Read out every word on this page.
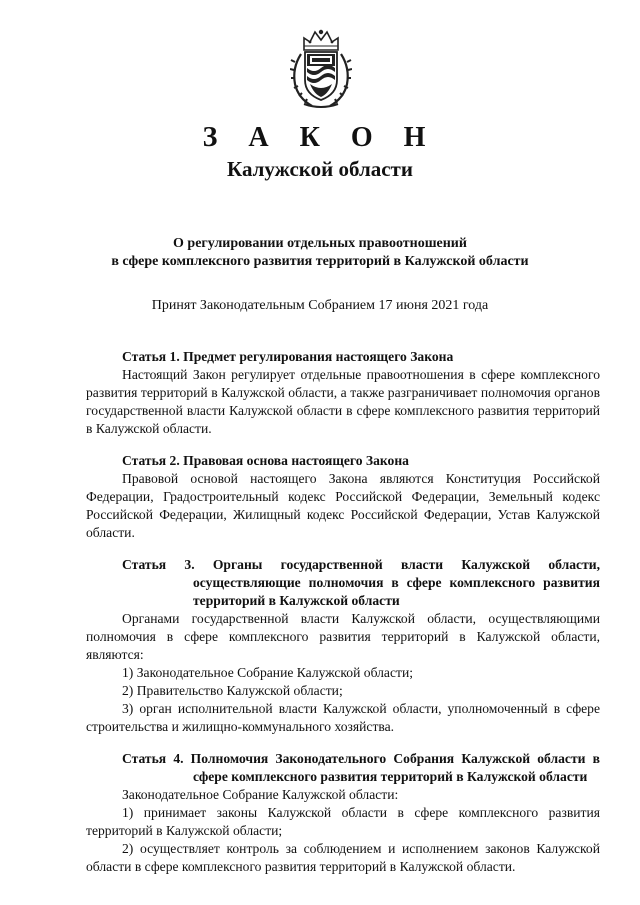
З А К О Н
Калужской области
О регулировании отдельных правоотношений
в сфере комплексного развития территорий в Калужской области
Принят Законодательным Собранием 17 июня 2021 года
Статья 1. Предмет регулирования настоящего Закона
Настоящий Закон регулирует отдельные правоотношения в сфере комплексного развития территорий в Калужской области, а также разграничивает полномочия органов государственной власти Калужской области в сфере комплексного развития территорий в Калужской области.
Статья 2. Правовая основа настоящего Закона
Правовой основой настоящего Закона являются Конституция Российской Федерации, Градостроительный кодекс Российской Федерации, Земельный кодекс Российской Федерации, Жилищный кодекс Российской Федерации, Устав Калужской области.
Статья 3. Органы государственной власти Калужской области, осуществляющие полномочия в сфере комплексного развития территорий в Калужской области
Органами государственной власти Калужской области, осуществляющими полномочия в сфере комплексного развития территорий в Калужской области, являются:
1) Законодательное Собрание Калужской области;
2) Правительство Калужской области;
3) орган исполнительной власти Калужской области, уполномоченный в сфере строительства и жилищно-коммунального хозяйства.
Статья 4. Полномочия Законодательного Собрания Калужской области в сфере комплексного развития территорий в Калужской области
Законодательное Собрание Калужской области:
1) принимает законы Калужской области в сфере комплексного развития территорий в Калужской области;
2) осуществляет контроль за соблюдением и исполнением законов Калужской области в сфере комплексного развития территорий в Калужской области.
